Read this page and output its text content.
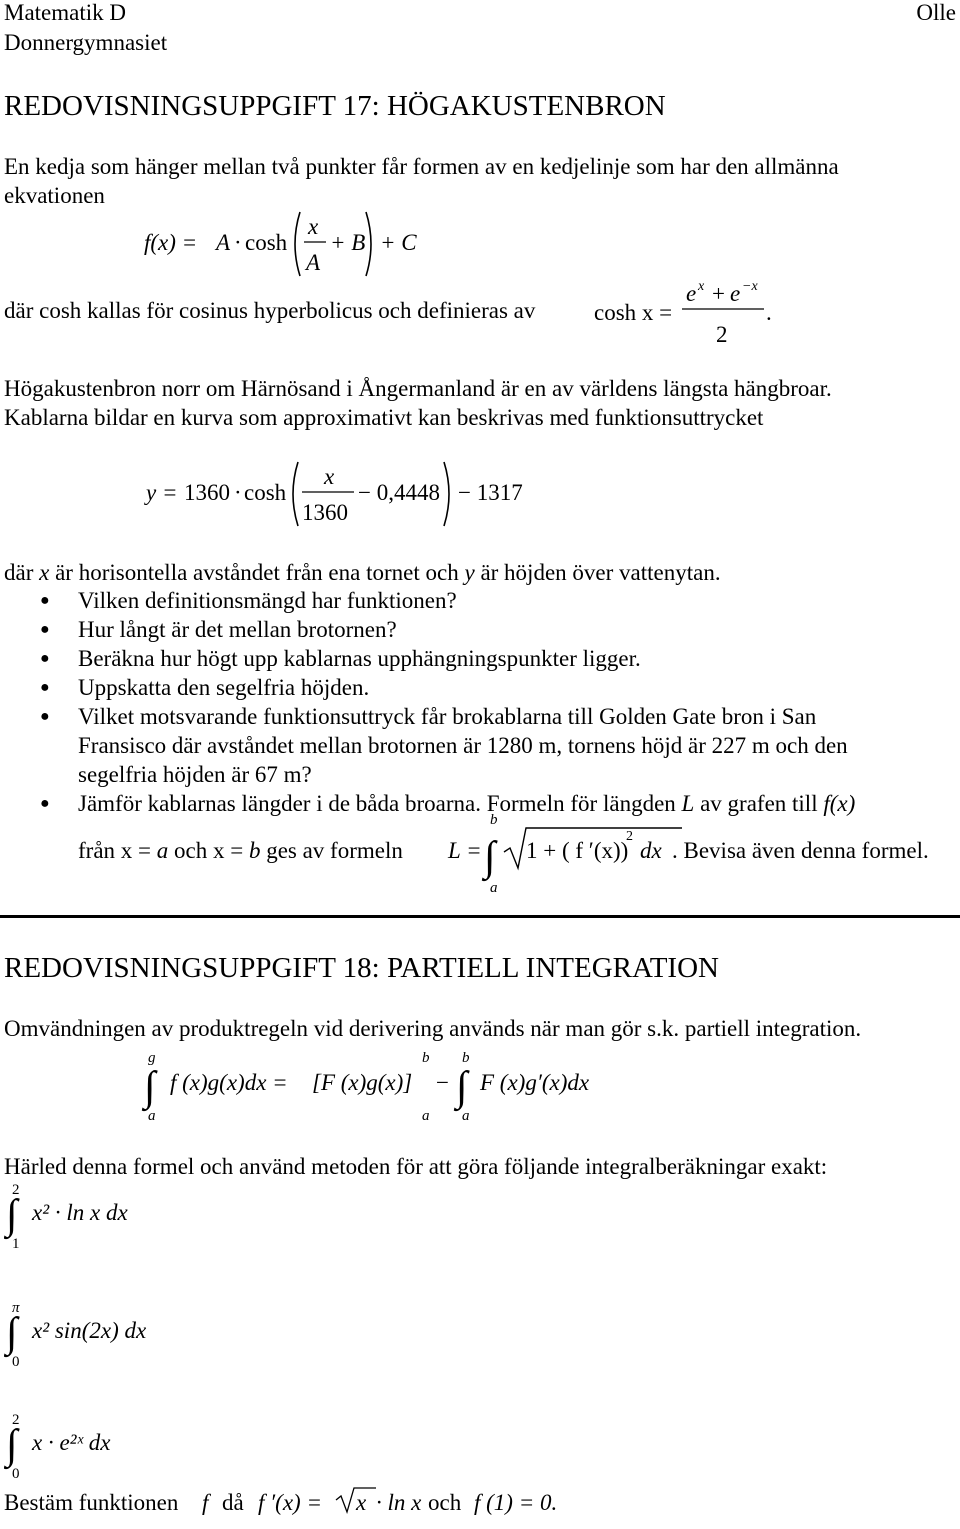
Matematik D
Donnergymnasiet
Olle
REDOVISNINGSUPPGIFT 17: HÖGAKUSTENBRON
En kedja som hänger mellan två punkter får formen av en kedjelinje som har den allmänna
ekvationen
f(x) = A · cosh
x
A
+ B + C
där cosh kallas för cosinus hyperbolicus och definieras av	cosh x =
e x + e −x
2
.
Högakustenbron norr om Härnösand i Ångermanland är en av världens längsta hängbroar.
Kablarna bildar en kurva som approximativt kan beskrivas med funktionsuttrycket
y = 1360 · cosh
x
1360
− 0,4448 − 1317
där x är horisontella avståndet från ena tornet och y är höjden över vattenytan.
● Vilken definitionsmängd har funktionen?
● Hur långt är det mellan brotornen?
● Beräkna hur högt upp kablarnas upphängningspunkter ligger.
● Uppskatta den segelfria höjden.
● Vilket motsvarande funktionsuttryck får brokablarna till Golden Gate bron i San
Fransisco där avståndet mellan brotornen är 1280 m, tornens höjd är 227 m och den
segelfria höjden är 67 m?
● Jämför kablarnas längder i de båda broarna. Formeln för längden L av grafen till f(x)
från x = a och x = b ges av formeln L =
b
∫
a
1 + ( f ′(x))
2
dx . Bevisa även denna formel.
REDOVISNINGSUPPGIFT 18: PARTIELL INTEGRATION
Omvändningen av produktregeln vid derivering används när man gör s.k. partiell integration.
g
∫
a
f (x)g(x)dx = [F (x)g(x)]
b
a
−
b
∫
a
F (x)g′(x)dx
Härled denna formel och använd metoden för att göra följande integralberäkningar exakt:
2
∫
1
x² · ln x dx
π
∫
0
x² sin(2x) dx
2
∫
0
x · e²ˣ dx
Bestäm funktionen f då f ′(x) = x · ln x och f (1) = 0.
